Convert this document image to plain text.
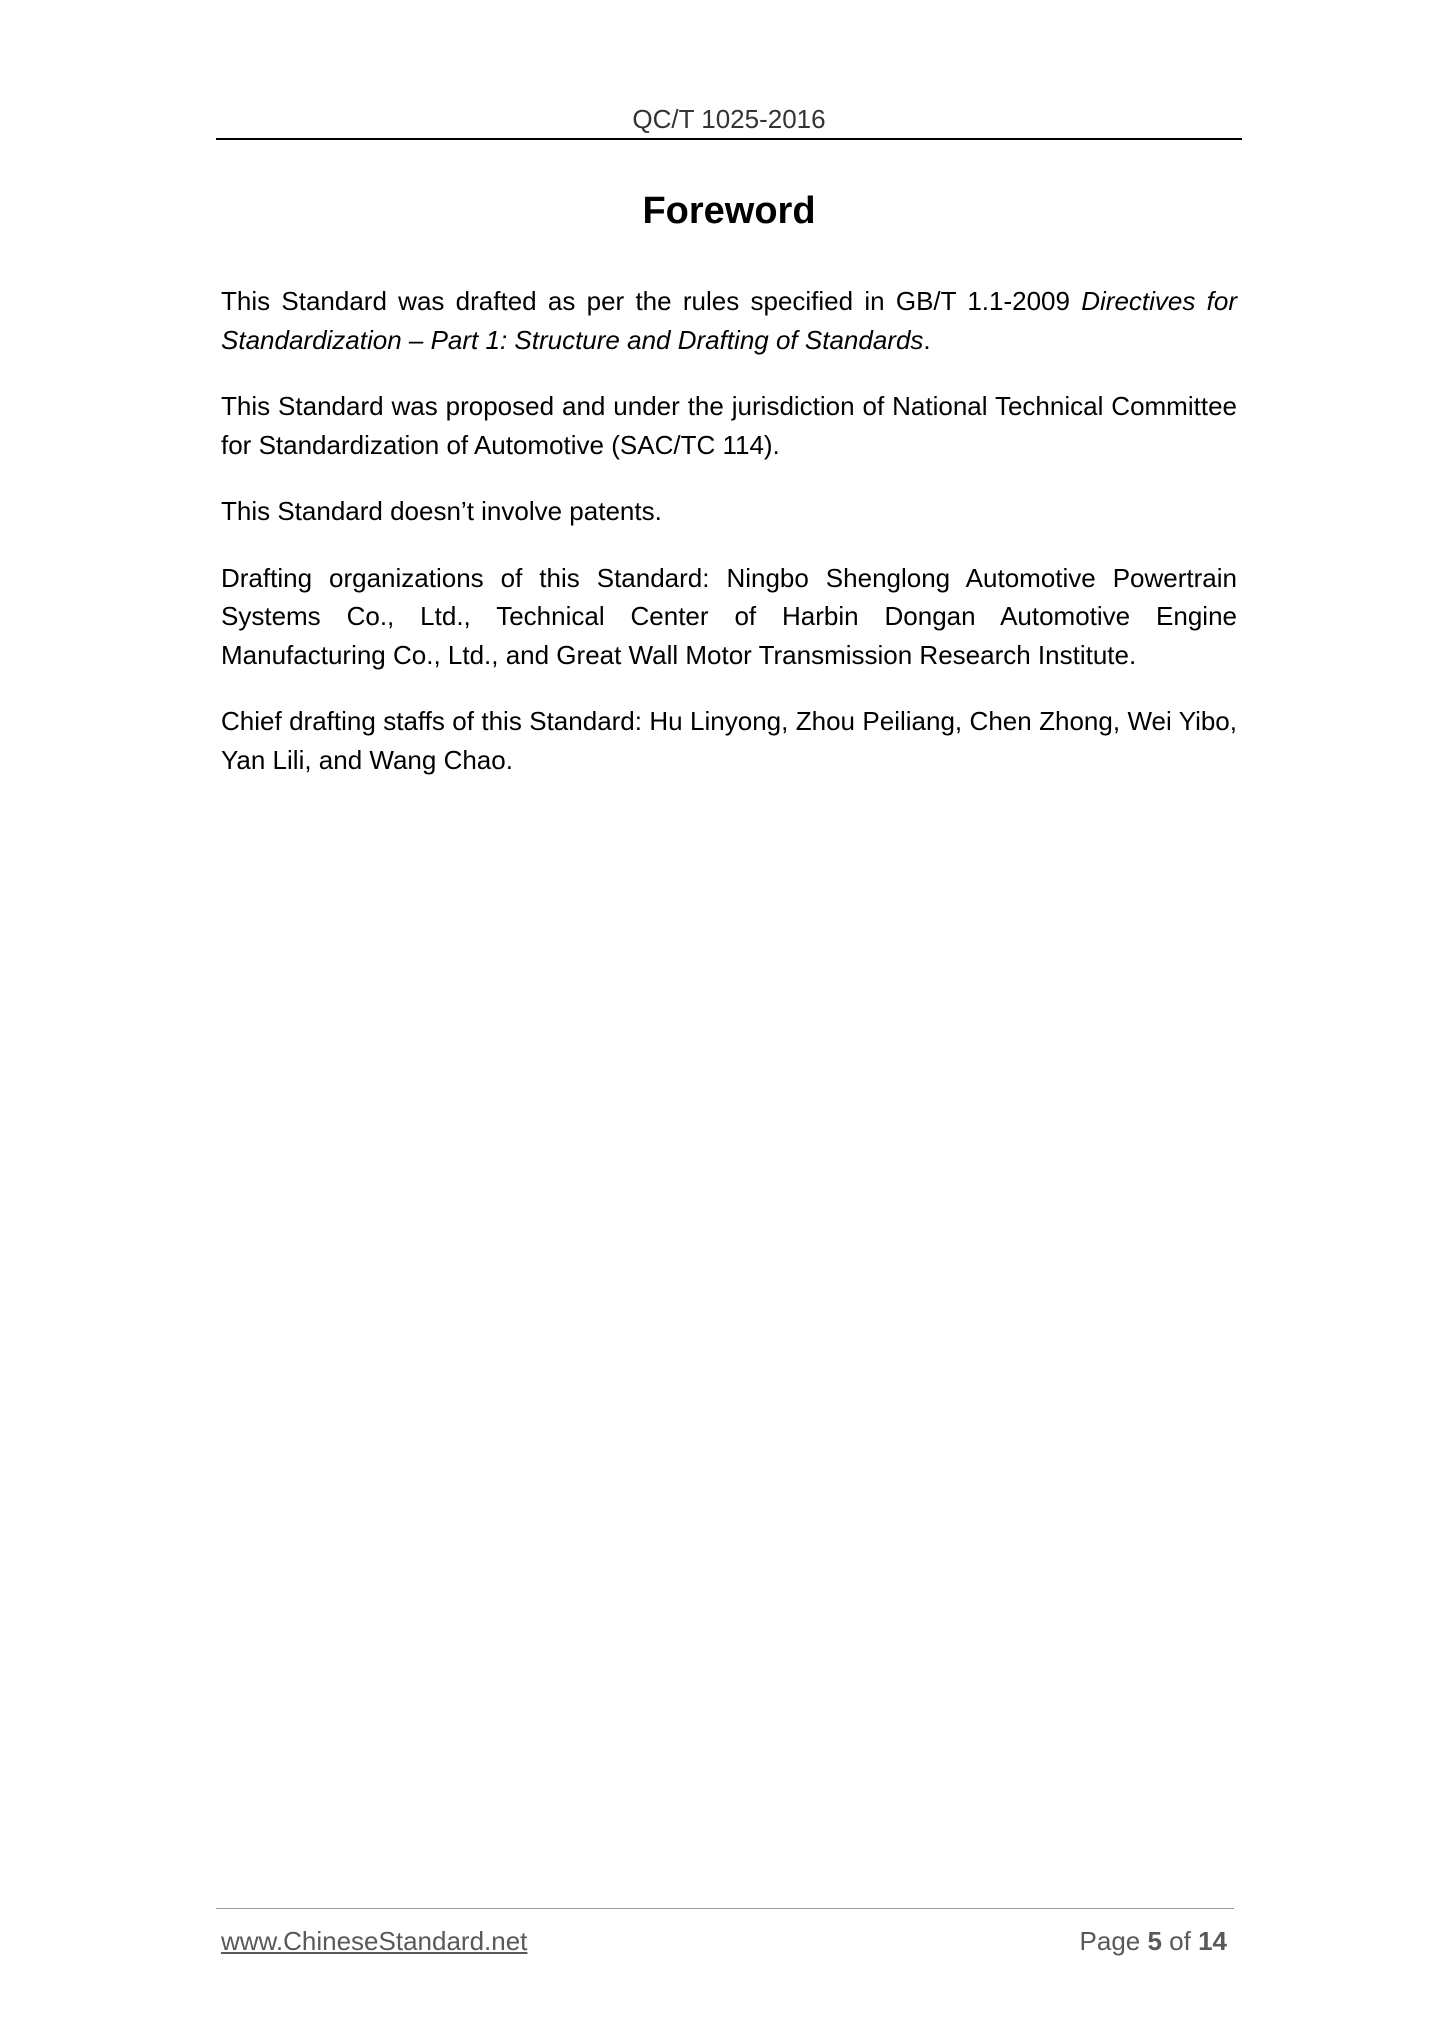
QC/T 1025-2016
Foreword

This Standard was drafted as per the rules specified in GB/T 1.1-2009 Directives for Standardization – Part 1: Structure and Drafting of Standards.

This Standard was proposed and under the jurisdiction of National Technical Committee for Standardization of Automotive (SAC/TC 114).

This Standard doesn’t involve patents.

Drafting organizations of this Standard: Ningbo Shenglong Automotive Powertrain Systems Co., Ltd., Technical Center of Harbin Dongan Automotive Engine Manufacturing Co., Ltd., and Great Wall Motor Transmission Research Institute.

Chief drafting staffs of this Standard: Hu Linyong, Zhou Peiliang, Chen Zhong, Wei Yibo, Yan Lili, and Wang Chao.

www.ChineseStandard.net	Page 5 of 14
